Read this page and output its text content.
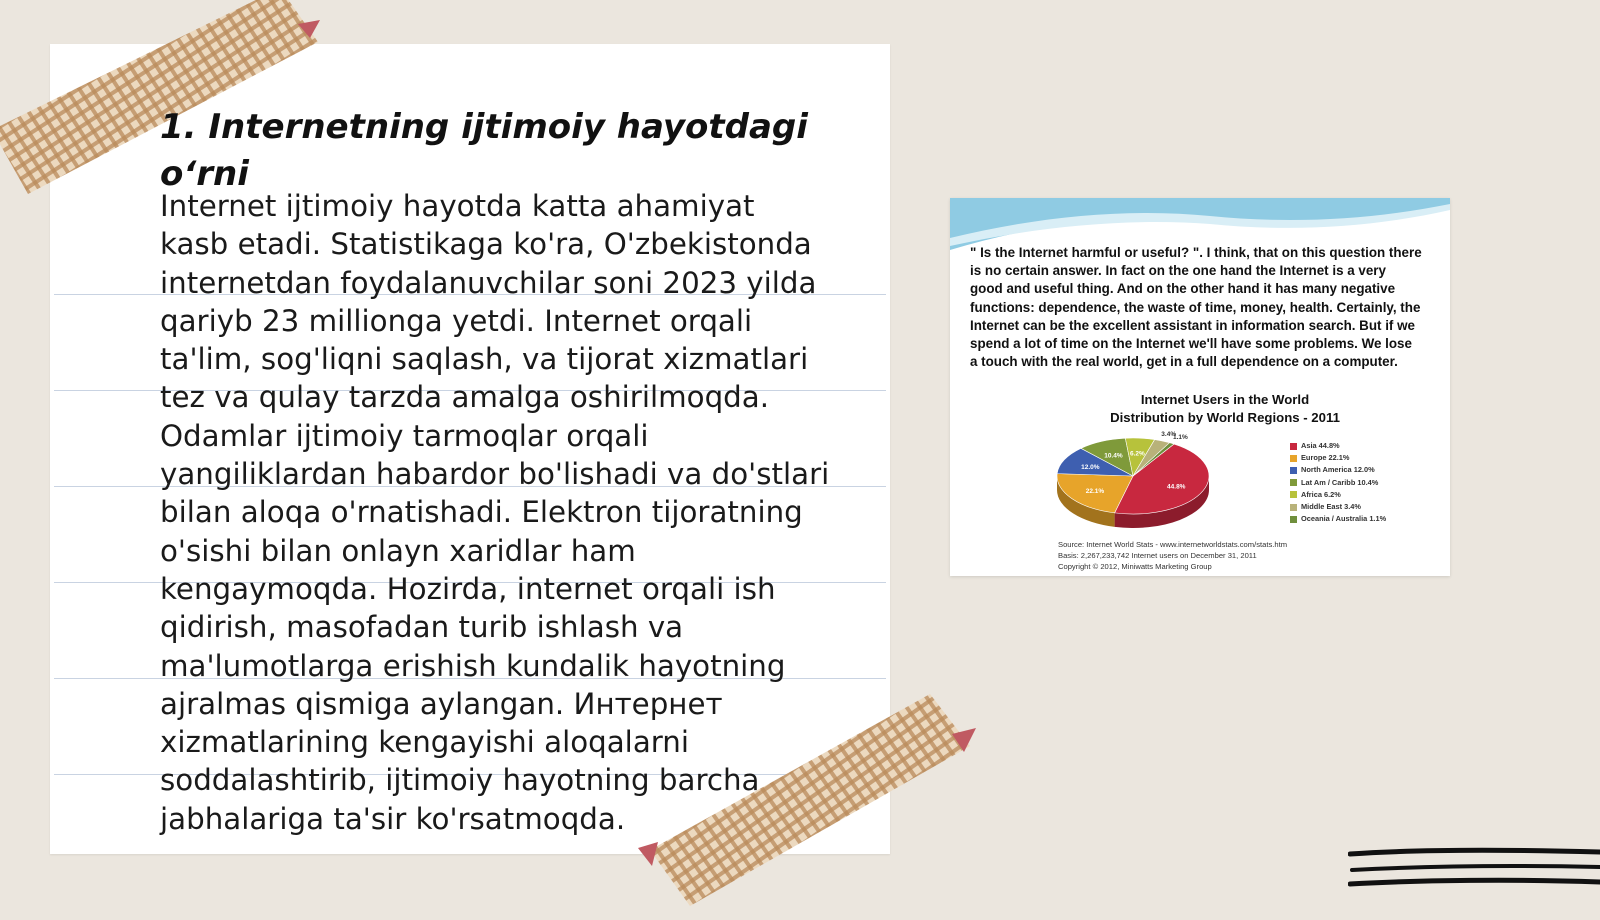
1. Internetning ijtimoiy hayotdagi o‘rni

Internet ijtimoiy hayotda katta ahamiyat kasb etadi. Statistikaga ko'ra, O'zbekistonda internetdan foydalanuvchilar soni 2023 yilda qariyb 23 millionga yetdi. Internet orqali ta'lim, sog'liqni saqlash, va tijorat xizmatlari tez va qulay tarzda amalga oshirilmoqda. Odamlar ijtimoiy tarmoqlar orqali yangiliklardan habardor bo'lishadi va do'stlari bilan aloqa o'rnatishadi. Elektron tijoratning o'sishi bilan onlayn xaridlar ham kengaymoqda. Hozirda, internet orqali ish qidirish, masofadan turib ishlash va ma'lumotlarga erishish kundalik hayotning ajralmas qismiga aylangan. Интернет xizmatlarining kengayishi aloqalarni soddalashtirib, ijtimoiy hayotning barcha jabhalariga ta'sir ko'rsatmoqda.

" Is the Internet harmful or useful? ". I think, that on this question there is no certain answer. In fact on the one hand the Internet is a very good and useful thing. And on the other hand it has many negative functions: dependence, the waste of time, money, health. Certainly, the Internet can be the excellent assistant in information search. But if we spend a lot of time on the Internet we'll have some problems. We lose a touch with the real world, get in a full dependence on a computer.
Internet Users in the World
Distribution by World Regions - 2011
44.8%
22.1%
12.0%
10.4% 6.2%
3.4%
1.1%
Asia 44.8%
Europe 22.1%
North America 12.0%
Lat Am / Caribb 10.4%
Africa 6.2%
Middle East 3.4%
Oceania / Australia 1.1%
Source: Internet World Stats - www.internetworldstats.com/stats.htm
Basis: 2,267,233,742 Internet users on December 31, 2011
Copyright © 2012, Miniwatts Marketing Group
